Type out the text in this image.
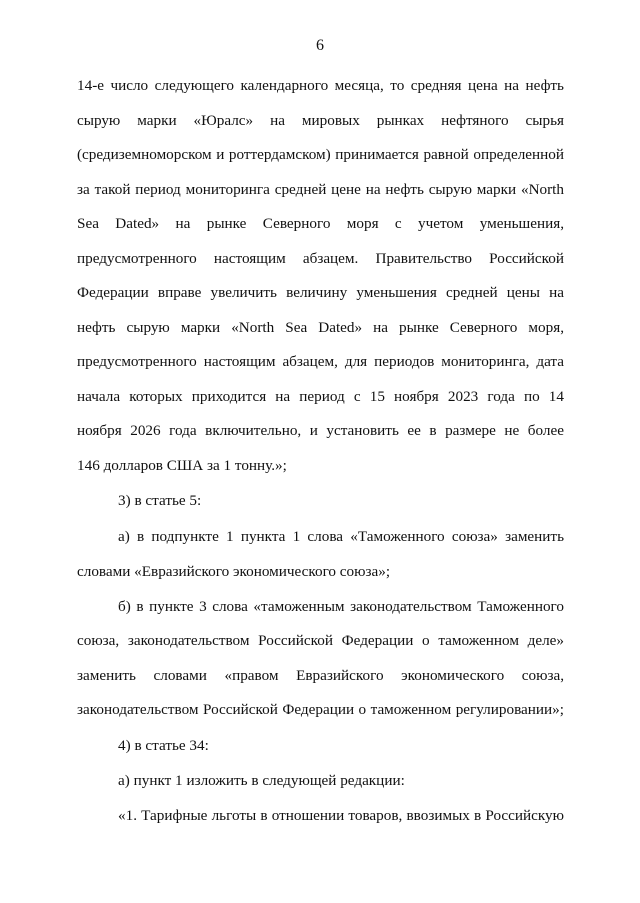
6
14-е число следующего календарного месяца, то средняя цена на нефть
сырую марки «Юралс» на мировых рынках нефтяного сырья
(средиземноморском и роттердамском) принимается равной определенной
за такой период мониторинга средней цене на нефть сырую марки «North
Sea Dated» на рынке Северного моря с учетом уменьшения,
предусмотренного настоящим абзацем. Правительство Российской
Федерации вправе увеличить величину уменьшения средней цены на
нефть сырую марки «North Sea Dated» на рынке Северного моря,
предусмотренного настоящим абзацем, для периодов мониторинга, дата
начала которых приходится на период с 15 ноября 2023 года по 14
ноября 2026 года включительно, и установить ее в размере не более
146 долларов США за 1 тонну.»;
3) в статье 5:
а) в подпункте 1 пункта 1 слова «Таможенного союза» заменить
словами «Евразийского экономического союза»;
б) в пункте 3 слова «таможенным законодательством Таможенного
союза, законодательством Российской Федерации о таможенном деле»
заменить словами «правом Евразийского экономического союза,
законодательством Российской Федерации о таможенном регулировании»;
4) в статье 34:
а) пункт 1 изложить в следующей редакции:
«1. Тарифные льготы в отношении товаров, ввозимых в Российскую
